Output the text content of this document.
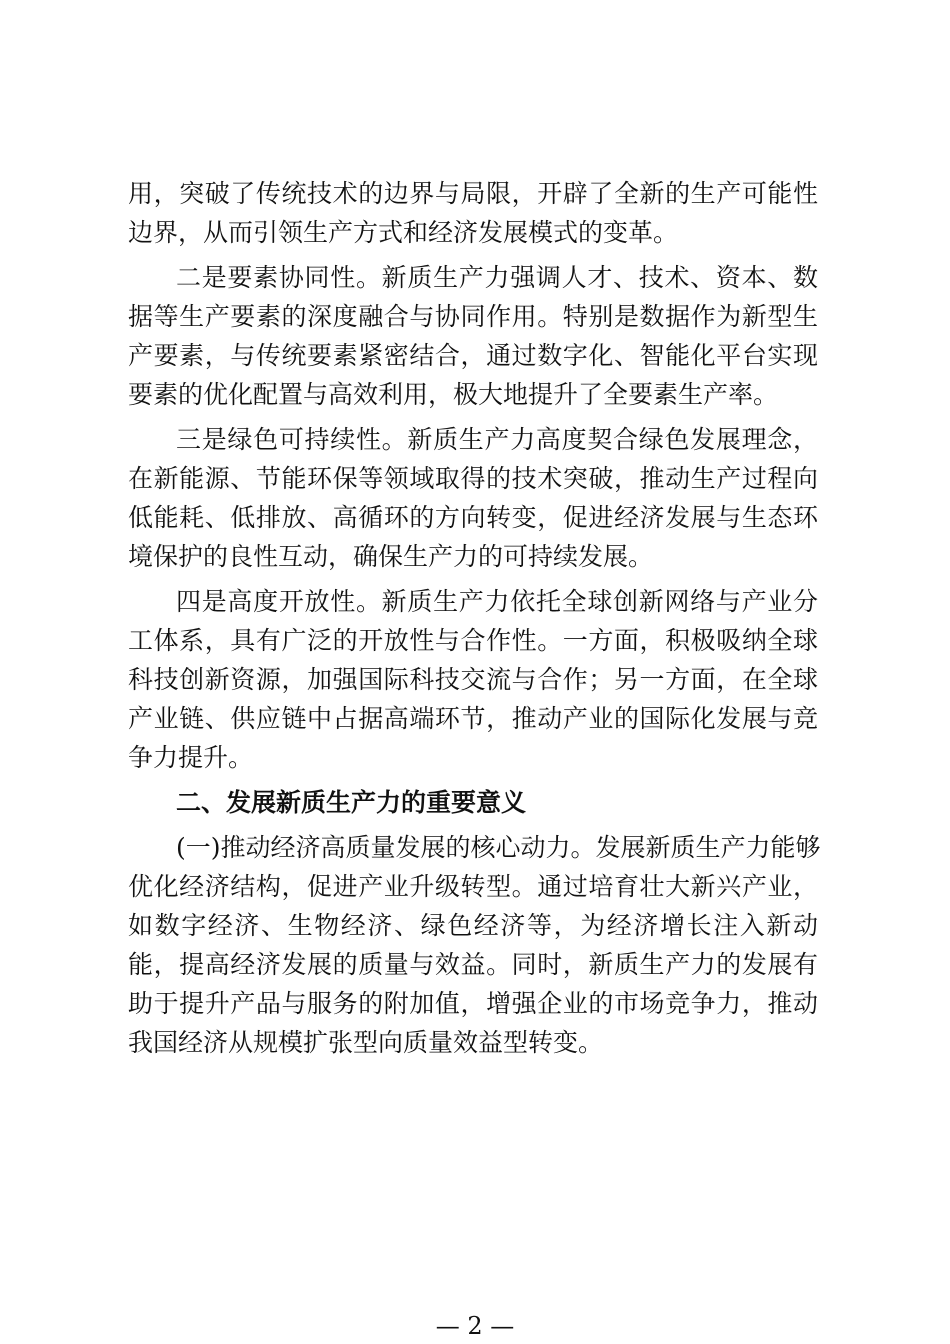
用，突破了传统技术的边界与局限，开辟了全新的生产可能性
边界，从而引领生产方式和经济发展模式的变革。
二是要素协同性。新质生产力强调人才、技术、资本、数
据等生产要素的深度融合与协同作用。特别是数据作为新型生
产要素，与传统要素紧密结合，通过数字化、智能化平台实现
要素的优化配置与高效利用，极大地提升了全要素生产率。
三是绿色可持续性。新质生产力高度契合绿色发展理念，
在新能源、节能环保等领域取得的技术突破，推动生产过程向
低能耗、低排放、高循环的方向转变，促进经济发展与生态环
境保护的良性互动，确保生产力的可持续发展。
四是高度开放性。新质生产力依托全球创新网络与产业分
工体系，具有广泛的开放性与合作性。一方面，积极吸纳全球
科技创新资源，加强国际科技交流与合作；另一方面，在全球
产业链、供应链中占据高端环节，推动产业的国际化发展与竞
争力提升。
二、发展新质生产力的重要意义
(一)推动经济高质量发展的核心动力。发展新质生产力能够
优化经济结构，促进产业升级转型。通过培育壮大新兴产业，
如数字经济、生物经济、绿色经济等，为经济增长注入新动
能，提高经济发展的质量与效益。同时，新质生产力的发展有
助于提升产品与服务的附加值，增强企业的市场竞争力，推动
我国经济从规模扩张型向质量效益型转变。
— 2 —
